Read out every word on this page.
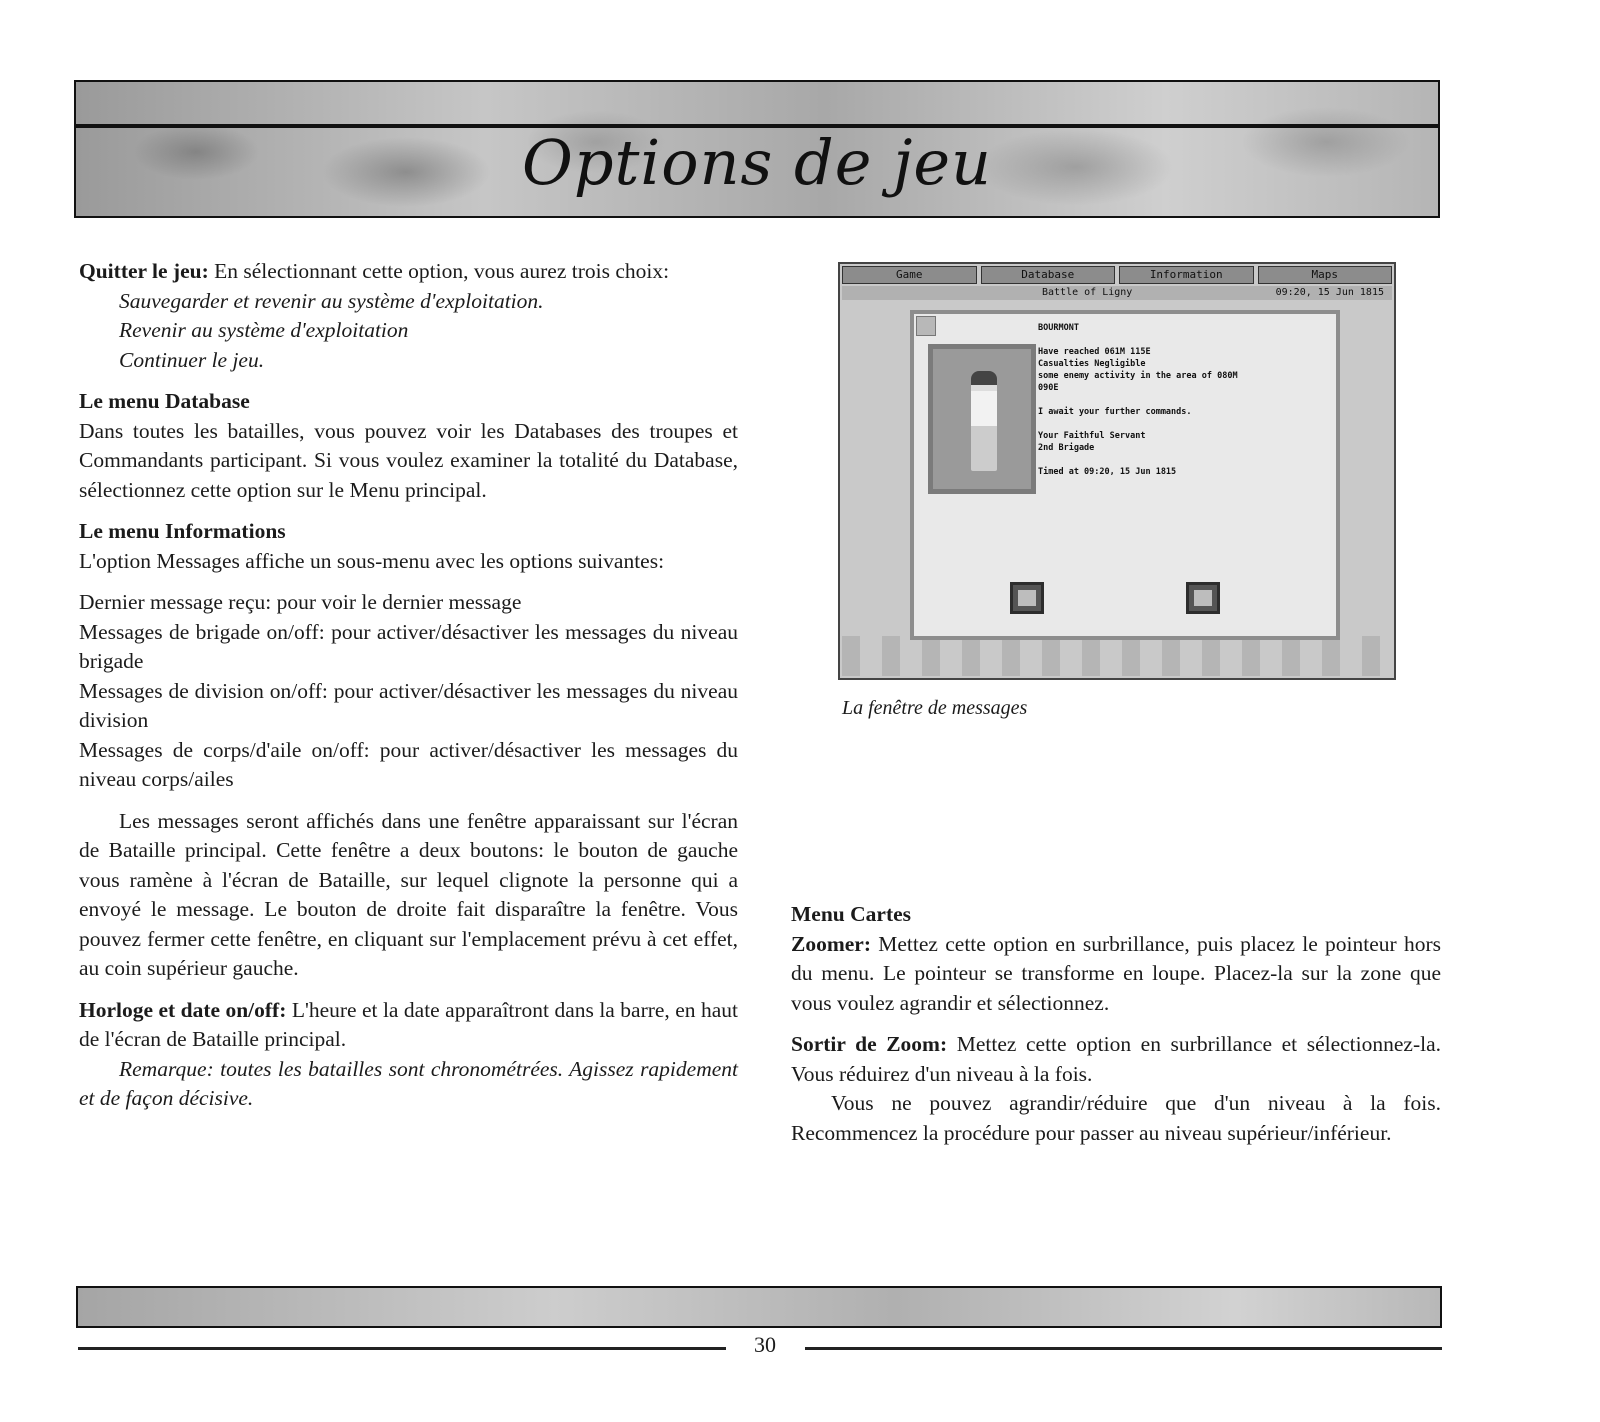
Options de jeu

Quitter le jeu: En sélectionnant cette option, vous aurez trois choix:

Sauvegarder et revenir au système d'exploitation.

Revenir au système d'exploitation

Continuer le jeu.

Le menu Database

Dans toutes les batailles, vous pouvez voir les Databases des troupes et Commandants participant. Si vous voulez examiner la totalité du Database, sélectionnez cette option sur le Menu principal.

Le menu Informations

L'option Messages affiche un sous-menu avec les options suivantes:

Dernier message reçu: pour voir le dernier message

Messages de brigade on/off: pour activer/désactiver les messages du niveau brigade

Messages de division on/off: pour activer/désactiver les messages du niveau division

Messages de corps/d'aile on/off: pour activer/désactiver les messages du niveau corps/ailes

Les messages seront affichés dans une fenêtre apparaissant sur l'écran de Bataille principal. Cette fenêtre a deux boutons: le bouton de gauche vous ramène à l'écran de Bataille, sur lequel clignote la personne qui a envoyé le message. Le bouton de droite fait disparaître la fenêtre. Vous pouvez fermer cette fenêtre, en cliquant sur l'emplacement prévu à cet effet, au coin supérieur gauche.

Horloge et date on/off: L'heure et la date apparaîtront dans la barre, en haut de l'écran de Bataille principal.

Remarque: toutes les batailles sont chronométrées. Agissez rapidement et de façon décisive.

Game	Database	Information	Maps
Battle of Ligny	09:20, 15 Jun 1815
BOURMONT

Have reached 061M 115E
Casualties Negligible
some enemy activity in the area of 080M
090E

I await your further commands.

Your Faithful Servant
2nd Brigade

Timed at 09:20, 15 Jun 1815
La fenêtre de messages

Menu Cartes

Zoomer: Mettez cette option en surbrillance, puis placez le pointeur hors du menu. Le pointeur se transforme en loupe. Placez-la sur la zone que vous voulez agrandir et sélectionnez.

Sortir de Zoom: Mettez cette option en surbrillance et sélectionnez-la. Vous réduirez d'un niveau à la fois.

Vous ne pouvez agrandir/réduire que d'un niveau à la fois. Recommencez la procédure pour passer au niveau supérieur/inférieur.

30
